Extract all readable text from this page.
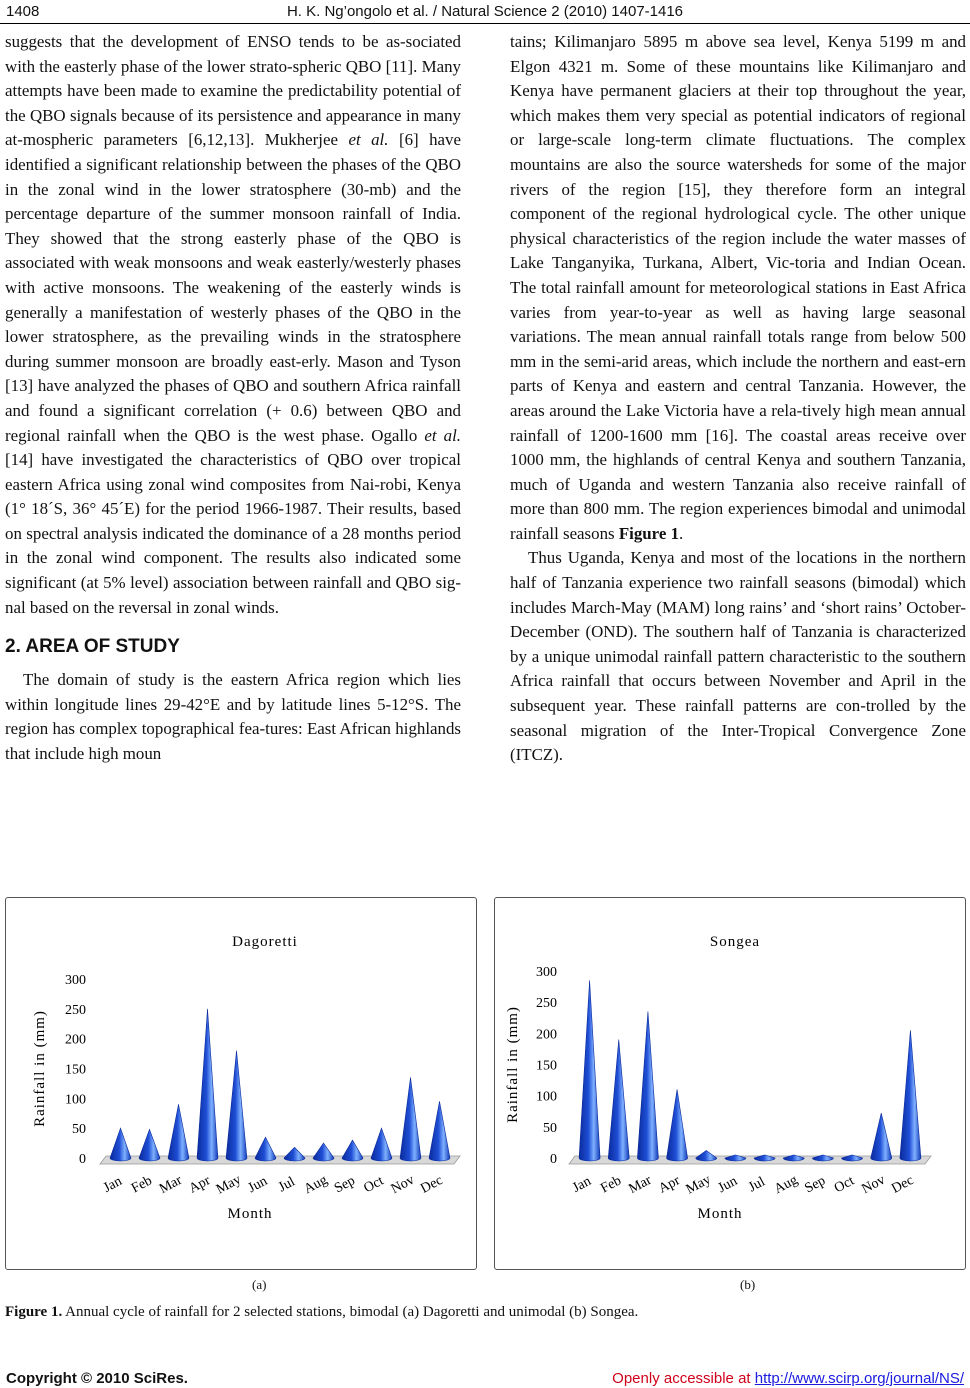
1408	H. K. Ng’ongolo et al. / Natural Science 2 (2010) 1407-1416

suggests that the development of ENSO tends to be as-sociated with the easterly phase of the lower strato-spheric QBO [11]. Many attempts have been made to examine the predictability potential of the QBO signals because of its persistence and appearance in many at-mospheric parameters [6,12,13]. Mukherjee et al. [6] have identified a significant relationship between the phases of the QBO in the zonal wind in the lower stratosphere (30-mb) and the percentage departure of the summer monsoon rainfall of India. They showed that the strong easterly phase of the QBO is associated with weak monsoons and weak easterly/westerly phases with active monsoons. The weakening of the easterly winds is generally a manifestation of westerly phases of the QBO in the lower stratosphere, as the prevailing winds in the stratosphere during summer monsoon are broadly east-erly. Mason and Tyson [13] have analyzed the phases of QBO and southern Africa rainfall and found a significant correlation (+ 0.6) between QBO and regional rainfall when the QBO is the west phase. Ogallo et al. [14] have investigated the characteristics of QBO over tropical eastern Africa using zonal wind composites from Nai-robi, Kenya (1° 18´S, 36° 45´E) for the period 1966-1987. Their results, based on spectral analysis indicated the dominance of a 28 months period in the zonal wind component. The results also indicated some significant (at 5% level) association between rainfall and QBO sig-nal based on the reversal in zonal winds.

2. AREA OF STUDY

The domain of study is the eastern Africa region which lies within longitude lines 29-42°E and by latitude lines 5-12°S. The region has complex topographical fea-tures: East African highlands that include high moun

tains; Kilimanjaro 5895 m above sea level, Kenya 5199 m and Elgon 4321 m. Some of these mountains like Kilimanjaro and Kenya have permanent glaciers at their top throughout the year, which makes them very special as potential indicators of regional or large-scale long-term climate fluctuations. The complex mountains are also the source watersheds for some of the major rivers of the region [15], they therefore form an integral component of the regional hydrological cycle. The other unique physical characteristics of the region include the water masses of Lake Tanganyika, Turkana, Albert, Vic-toria and Indian Ocean. The total rainfall amount for meteorological stations in East Africa varies from year-to-year as well as having large seasonal variations. The mean annual rainfall totals range from below 500 mm in the semi-arid areas, which include the northern and east-ern parts of Kenya and eastern and central Tanzania. However, the areas around the Lake Victoria have a rela-tively high mean annual rainfall of 1200-1600 mm [16]. The coastal areas receive over 1000 mm, the highlands of central Kenya and southern Tanzania, much of Uganda and western Tanzania also receive rainfall of more than 800 mm. The region experiences bimodal and unimodal rainfall seasons Figure 1.

Thus Uganda, Kenya and most of the locations in the northern half of Tanzania experience two rainfall seasons (bimodal) which includes March-May (MAM) long rains’ and ‘short rains’ October-December (OND). The southern half of Tanzania is characterized by a unique unimodal rainfall pattern characteristic to the southern Africa rainfall that occurs between November and April in the subsequent year. These rainfall patterns are con-trolled by the seasonal migration of the Inter-Tropical Convergence Zone (ITCZ).

Dagoretti
0
50
100
150
200
250
300
Rainfall in (mm)
Jan Feb Mar Apr May Jun Jul Aug Sep Oct Nov Dec
Month
Songea
0
50
100
150
200
250
300
Rainfall in (mm)
Jan Feb Mar Apr May Jun Jul Aug Sep Oct Nov Dec
Month
(a)	(b)
Figure 1. Annual cycle of rainfall for 2 selected stations, bimodal (a) Dagoretti and unimodal (b) Songea.
Copyright © 2010 SciRes.	Openly accessible at http://www.scirp.org/journal/NS/
